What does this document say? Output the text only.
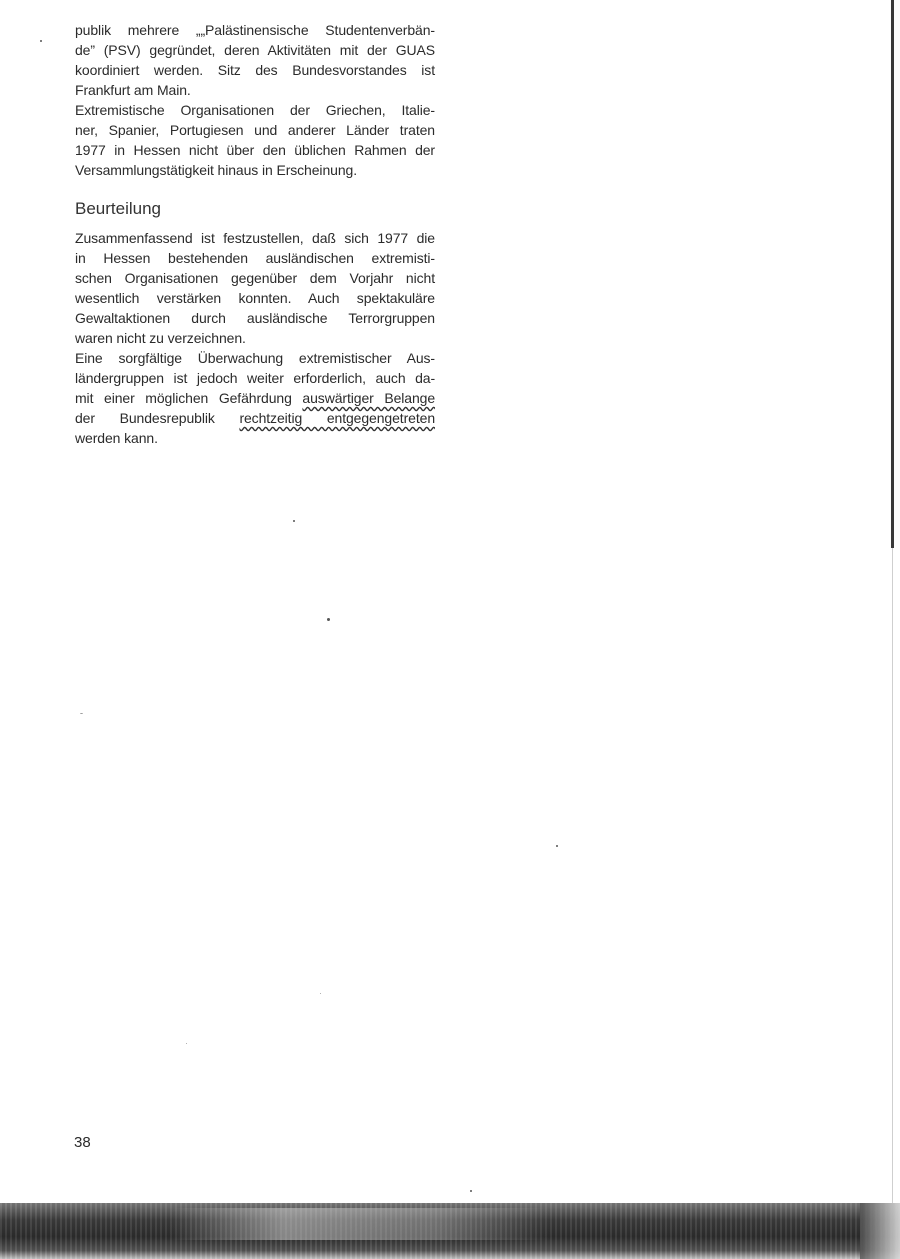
publik mehrere „„Palästinensische Studentenverbän-
de” (PSV) gegründet, deren Aktivitäten mit der GUAS
koordiniert werden. Sitz des Bundesvorstandes ist
Frankfurt am Main.

Extremistische Organisationen der Griechen, Italie-
ner, Spanier, Portugiesen und anderer Länder traten
1977 in Hessen nicht über den üblichen Rahmen der
Versammlungstätigkeit hinaus in Erscheinung.

Beurteilung

Zusammenfassend ist festzustellen, daß sich 1977 die
in Hessen bestehenden ausländischen extremisti-
schen Organisationen gegenüber dem Vorjahr nicht
wesentlich verstärken konnten. Auch spektakuläre
Gewaltaktionen durch ausländische Terrorgruppen
waren nicht zu verzeichnen.

Eine sorgfältige Überwachung extremistischer Aus-
ländergruppen ist jedoch weiter erforderlich, auch da-
mit einer möglichen Gefährdung auswärtiger Belange
der Bundesrepublik rechtzeitig entgegengetreten
werden kann.

38
